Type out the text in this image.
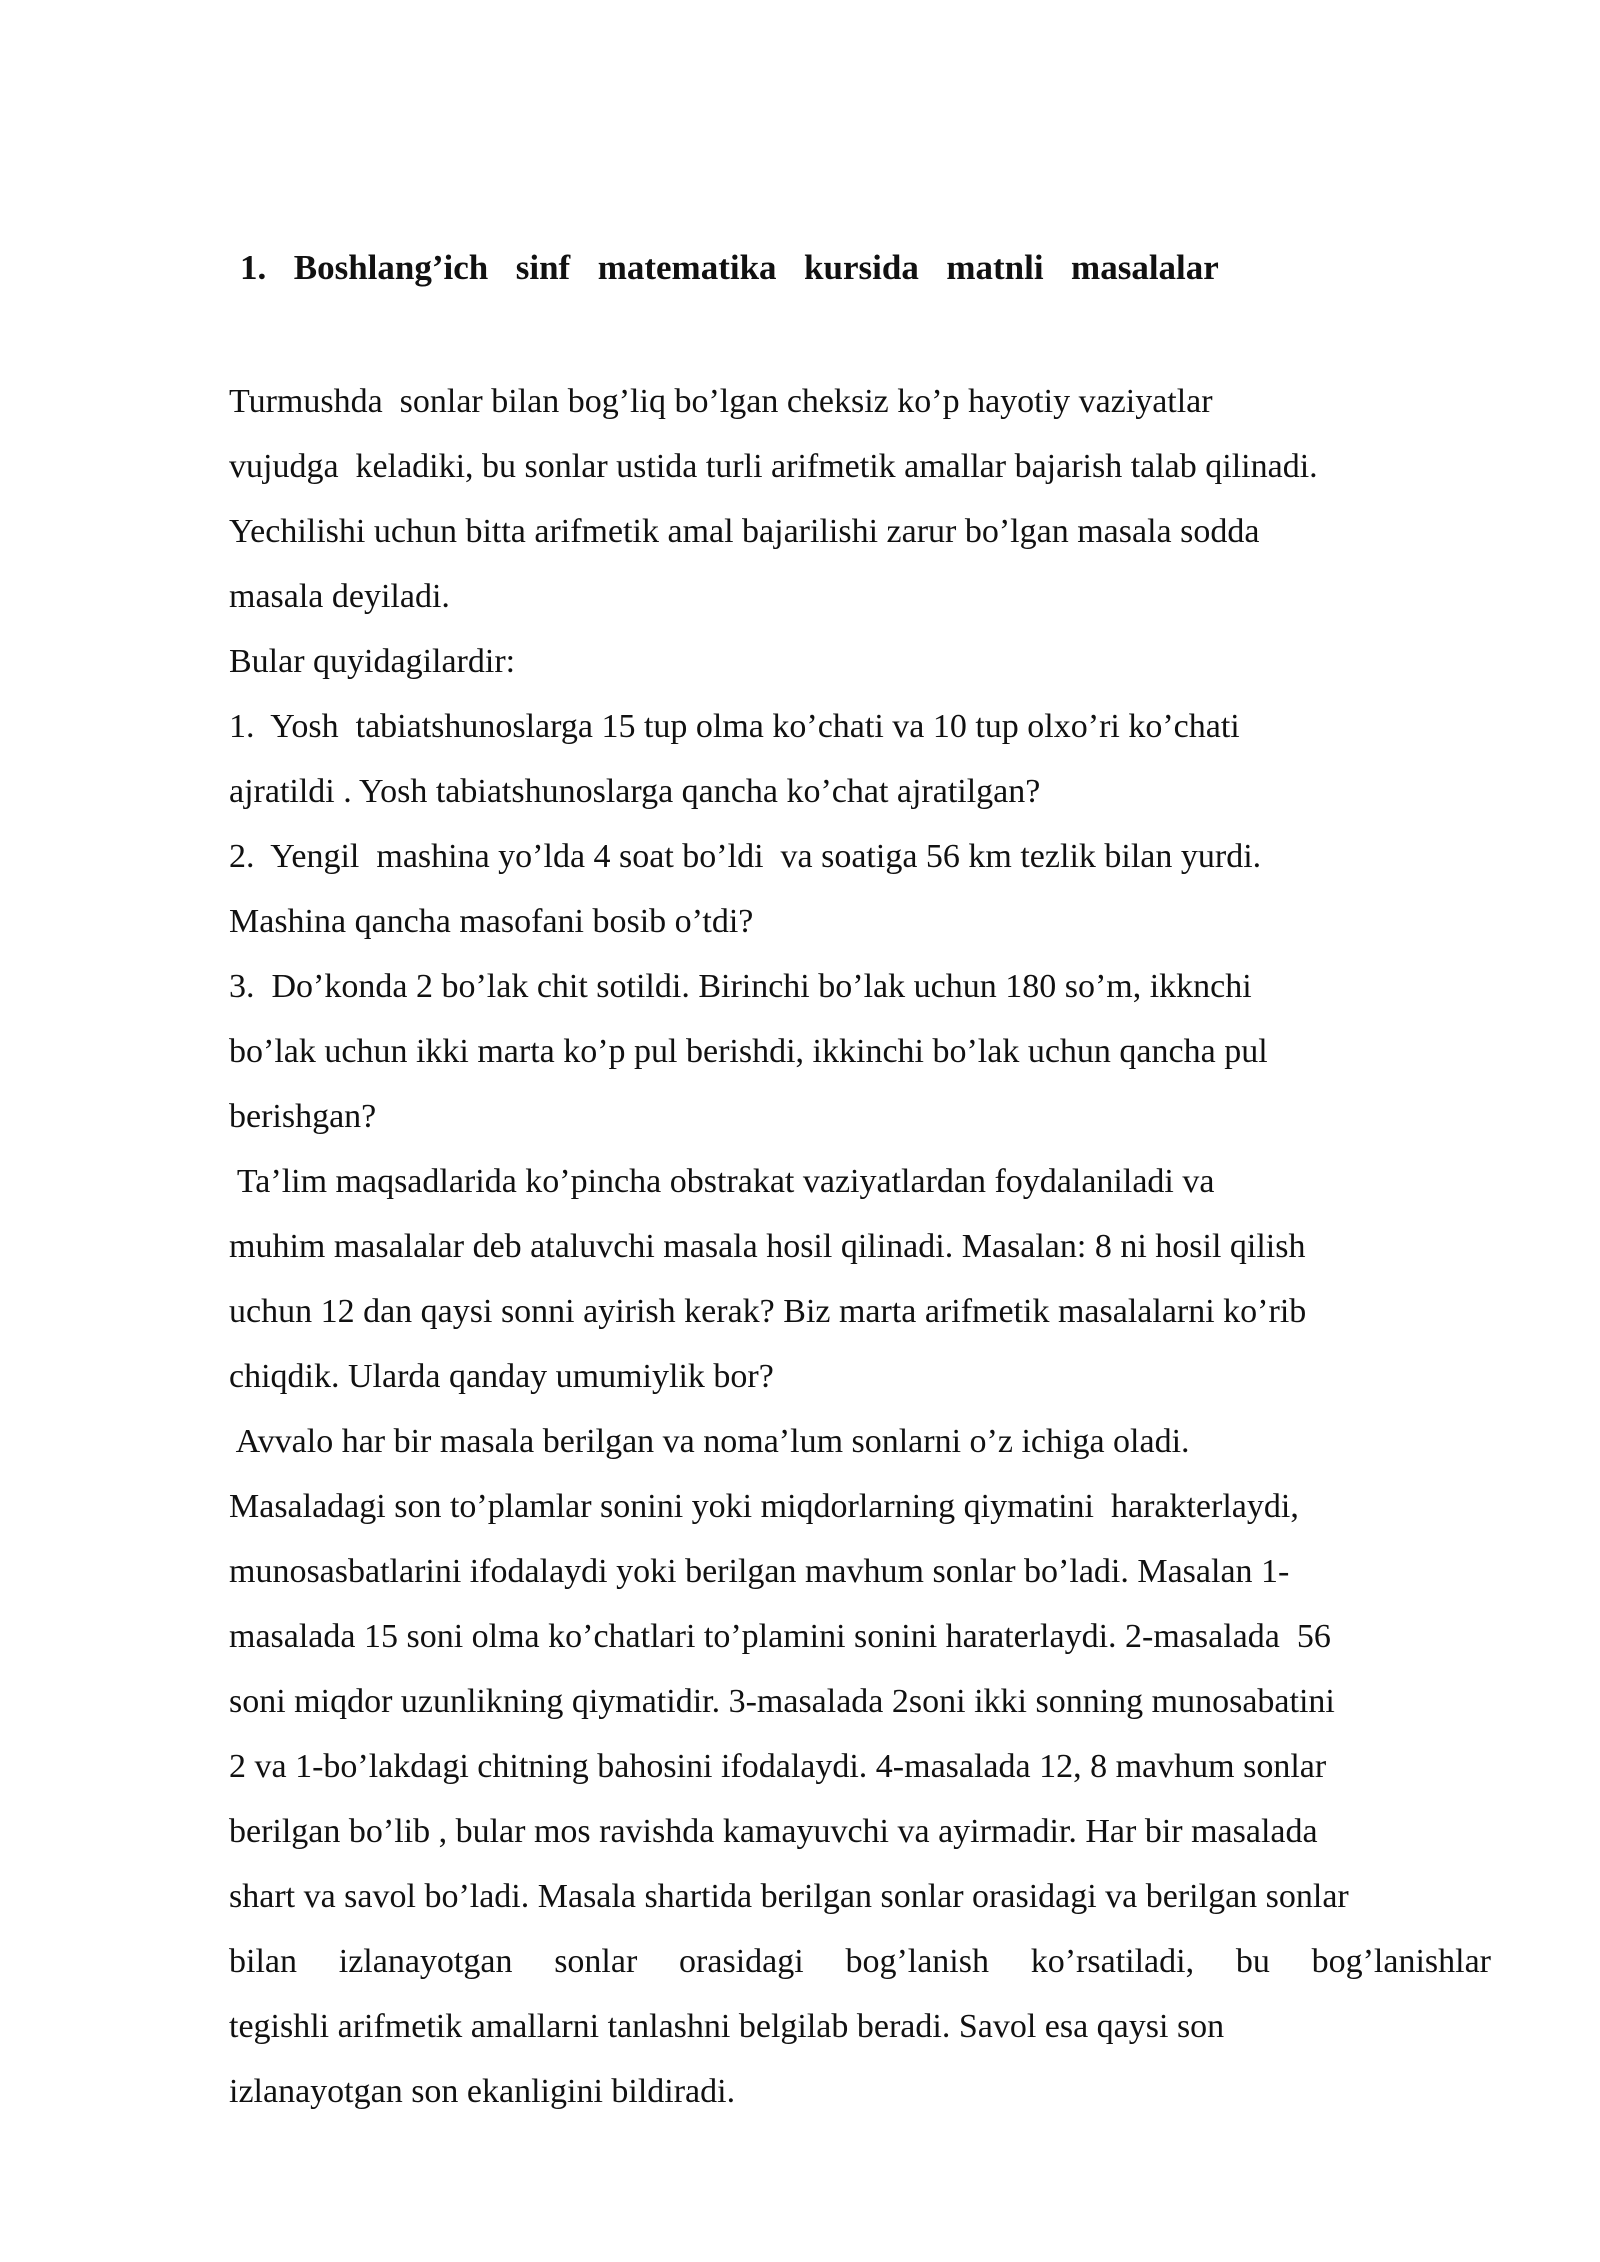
1.  Boshlang’ich  sinf  matematika  kursida  matnli  masalalar
Turmushda  sonlar bilan bog’liq bo’lgan cheksiz ko’p hayotiy vaziyatlar
vujudga  keladiki, bu sonlar ustida turli arifmetik amallar bajarish talab qilinadi.
Yechilishi uchun bitta arifmetik amal bajarilishi zarur bo’lgan masala sodda
masala deyiladi.
Bular quyidagilardir:
1.  Yosh  tabiatshunoslarga 15 tup olma ko’chati va 10 tup olxo’ri ko’chati
ajratildi . Yosh tabiatshunoslarga qancha ko’chat ajratilgan?
2.  Yengil  mashina yo’lda 4 soat bo’ldi  va soatiga 56 km tezlik bilan yurdi.
Mashina qancha masofani bosib o’tdi?
3.  Do’konda 2 bo’lak chit sotildi. Birinchi bo’lak uchun 180 so’m, ikknchi
bo’lak uchun ikki marta ko’p pul berishdi, ikkinchi bo’lak uchun qancha pul
berishgan?
Ta’lim maqsadlarida ko’pincha obstrakat vaziyatlardan foydalaniladi va
muhim masalalar deb ataluvchi masala hosil qilinadi. Masalan: 8 ni hosil qilish
uchun 12 dan qaysi sonni ayirish kerak? Biz marta arifmetik masalalarni ko’rib
chiqdik. Ularda qanday umumiylik bor?
Avvalo har bir masala berilgan va noma’lum sonlarni o’z ichiga oladi.
Masaladagi son to’plamlar sonini yoki miqdorlarning qiymatini  harakterlaydi,
munosasbatlarini ifodalaydi yoki berilgan mavhum sonlar bo’ladi. Masalan 1-
masalada 15 soni olma ko’chatlari to’plamini sonini haraterlaydi. 2-masalada  56
soni miqdor uzunlikning qiymatidir. 3-masalada 2soni ikki sonning munosabatini
2 va 1-bo’lakdagi chitning bahosini ifodalaydi. 4-masalada 12, 8 mavhum sonlar
berilgan bo’lib , bular mos ravishda kamayuvchi va ayirmadir. Har bir masalada
shart va savol bo’ladi. Masala shartida berilgan sonlar orasidagi va berilgan sonlar
bilan izlanayotgan sonlar orasidagi bog’lanish ko’rsatiladi, bu bog’lanishlar
tegishli arifmetik amallarni tanlashni belgilab beradi. Savol esa qaysi son
izlanayotgan son ekanligini bildiradi.
